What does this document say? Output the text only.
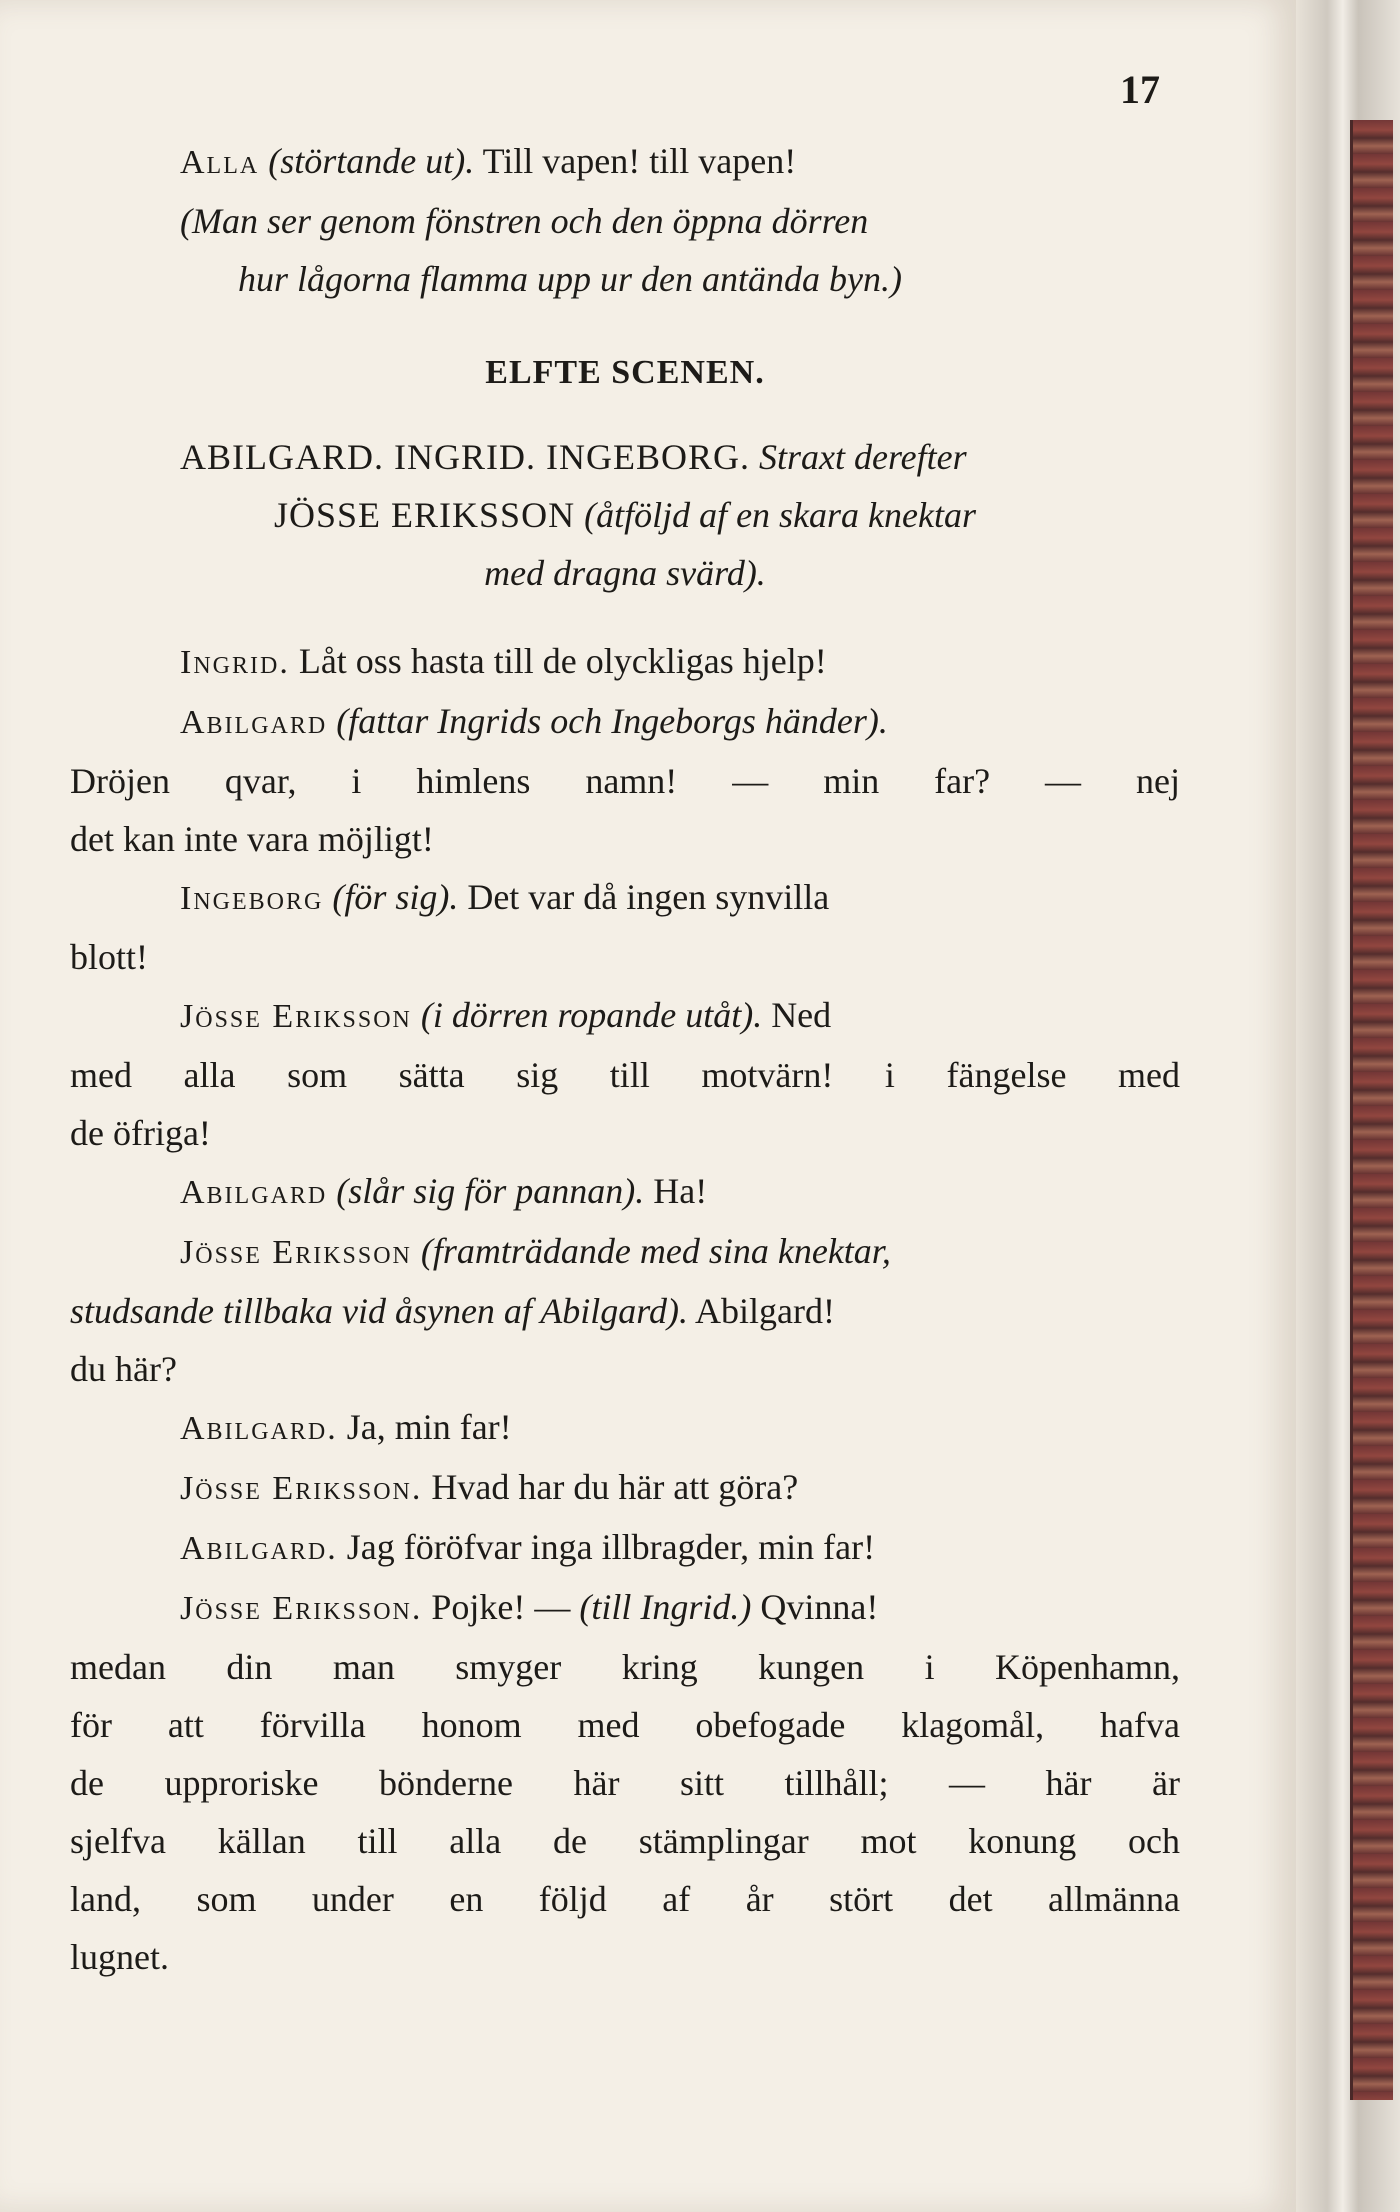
17
Alla (störtande ut). Till vapen! till vapen!
(Man ser genom fönstren och den öppna dörren
hur lågorna flamma upp ur den antända byn.)
ELFTE SCENEN.
ABILGARD. INGRID. INGEBORG. Straxt derefter
JÖSSE ERIKSSON (åtföljd af en skara knektar
med dragna svärd).
Ingrid. Låt oss hasta till de olyckligas hjelp!
Abilgard (fattar Ingrids och Ingeborgs händer).
Dröjen qvar, i himlens namn! — min far? — nej
det kan inte vara möjligt!
Ingeborg (för sig). Det var då ingen synvilla
blott!
Jösse Eriksson (i dörren ropande utåt). Ned
med alla som sätta sig till motvärn! i fängelse med
de öfriga!
Abilgard (slår sig för pannan). Ha!
Jösse Eriksson (framträdande med sina knektar,
studsande tillbaka vid åsynen af Abilgard). Abilgard!
du här?
Abilgard. Ja, min far!
Jösse Eriksson. Hvad har du här att göra?
Abilgard. Jag föröfvar inga illbragder, min far!
Jösse Eriksson. Pojke! — (till Ingrid.) Qvinna!
medan din man smyger kring kungen i Köpenhamn,
för att förvilla honom med obefogade klagomål, hafva
de upproriske bönderne här sitt tillhåll; — här är
sjelfva källan till alla de stämplingar mot konung och
land, som under en följd af år stört det allmänna
lugnet.
